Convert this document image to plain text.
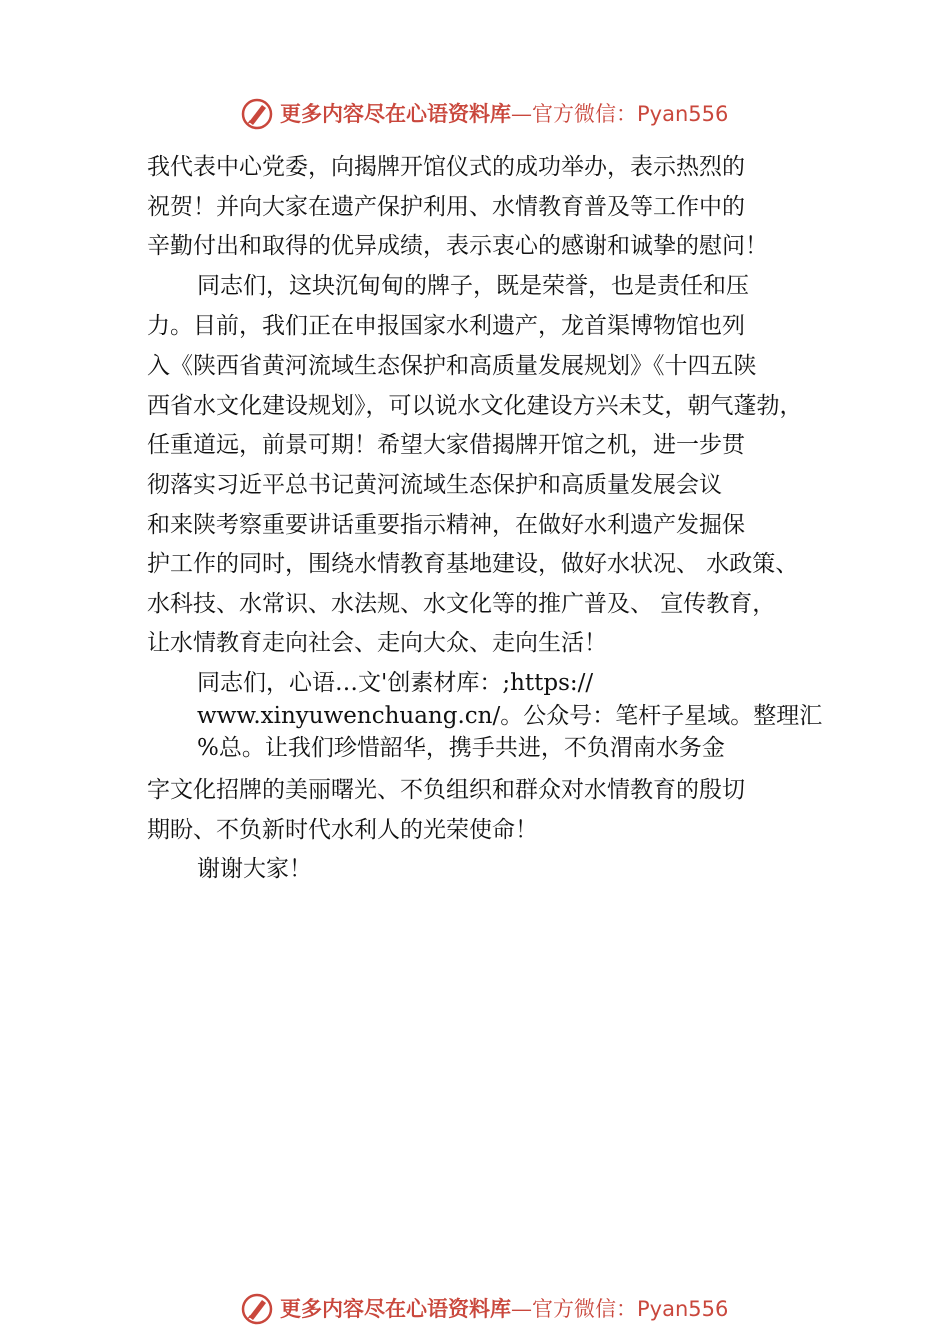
更多内容尽在心语资料库—官方微信：Pyan556
我代表中心党委，向揭牌开馆仪式的成功举办，表示热烈的
祝贺！并向大家在遗产保护利用、水情教育普及等工作中的
辛勤付出和取得的优异成绩，表示衷心的感谢和诚挚的慰问！
同志们，这块沉甸甸的牌子，既是荣誉，也是责任和压
力。目前，我们正在申报国家水利遗产，龙首渠博物馆也列
入《陕西省黄河流域生态保护和高质量发展规划》《十四五陕
西省水文化建设规划》，可以说水文化建设方兴未艾，朝气蓬勃，
任重道远，前景可期！希望大家借揭牌开馆之机，进一步贯
彻落实习近平总书记黄河流域生态保护和高质量发展会议
和来陕考察重要讲话重要指示精神，在做好水利遗产发掘保
护工作的同时，围绕水情教育基地建设，做好水状况、 水政策、
水科技、水常识、水法规、水文化等的推广普及、 宣传教育，
让水情教育走向社会、走向大众、走向生活！
同志们，心语…文'创素材库：;https://
www.xinyuwenchuang.cn/。公众号：笔杆子星域。整理汇
%总。让我们珍惜韶华，携手共进，不负渭南水务金
字文化招牌的美丽曙光、不负组织和群众对水情教育的殷切
期盼、不负新时代水利人的光荣使命！
谢谢大家！
更多内容尽在心语资料库—官方微信：Pyan556
